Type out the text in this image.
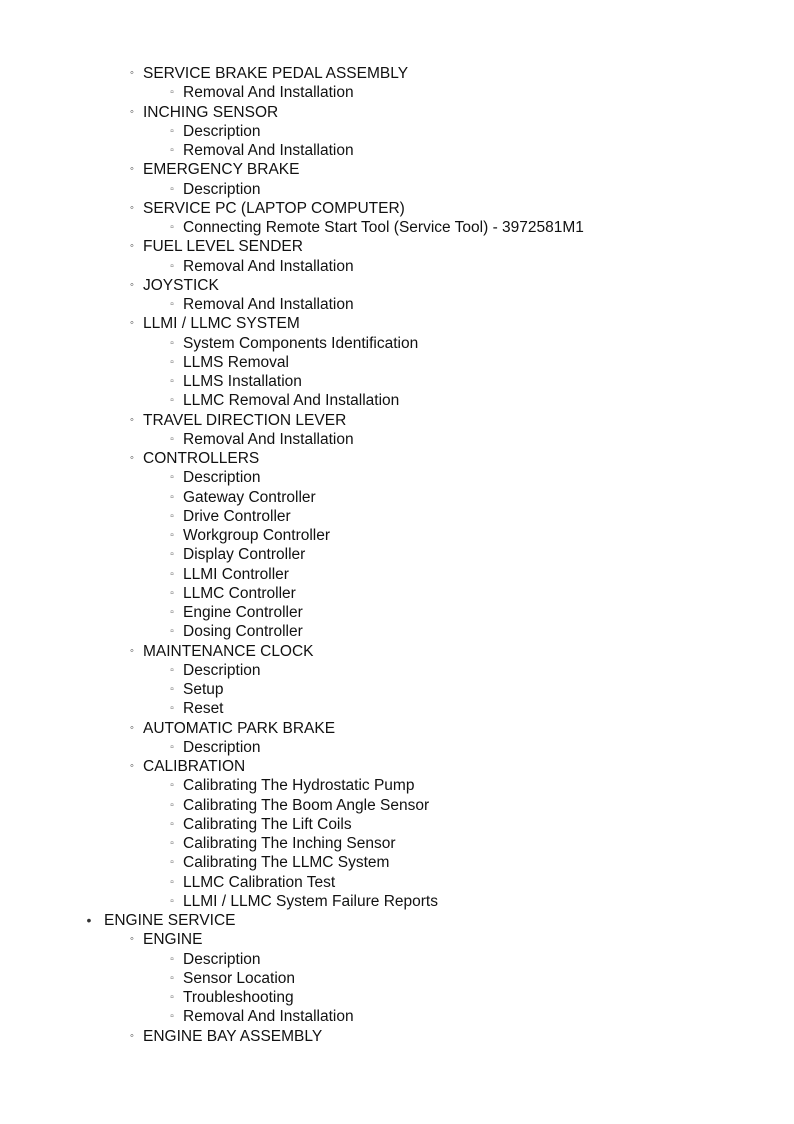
◦ SERVICE BRAKE PEDAL ASSEMBLY
▫ Removal And Installation
◦ INCHING SENSOR
▫ Description
▫ Removal And Installation
◦ EMERGENCY BRAKE
▫ Description
◦ SERVICE PC (LAPTOP COMPUTER)
▫ Connecting Remote Start Tool (Service Tool) - 3972581M1
◦ FUEL LEVEL SENDER
▫ Removal And Installation
◦ JOYSTICK
▫ Removal And Installation
◦ LLMI / LLMC SYSTEM
▫ System Components Identification
▫ LLMS Removal
▫ LLMS Installation
▫ LLMC Removal And Installation
◦ TRAVEL DIRECTION LEVER
▫ Removal And Installation
◦ CONTROLLERS
▫ Description
▫ Gateway Controller
▫ Drive Controller
▫ Workgroup Controller
▫ Display Controller
▫ LLMI Controller
▫ LLMC Controller
▫ Engine Controller
▫ Dosing Controller
◦ MAINTENANCE CLOCK
▫ Description
▫ Setup
▫ Reset
◦ AUTOMATIC PARK BRAKE
▫ Description
◦ CALIBRATION
▫ Calibrating The Hydrostatic Pump
▫ Calibrating The Boom Angle Sensor
▫ Calibrating The Lift Coils
▫ Calibrating The Inching Sensor
▫ Calibrating The LLMC System
▫ LLMC Calibration Test
▫ LLMI / LLMC System Failure Reports
• ENGINE SERVICE
◦ ENGINE
▫ Description
▫ Sensor Location
▫ Troubleshooting
▫ Removal And Installation
◦ ENGINE BAY ASSEMBLY
